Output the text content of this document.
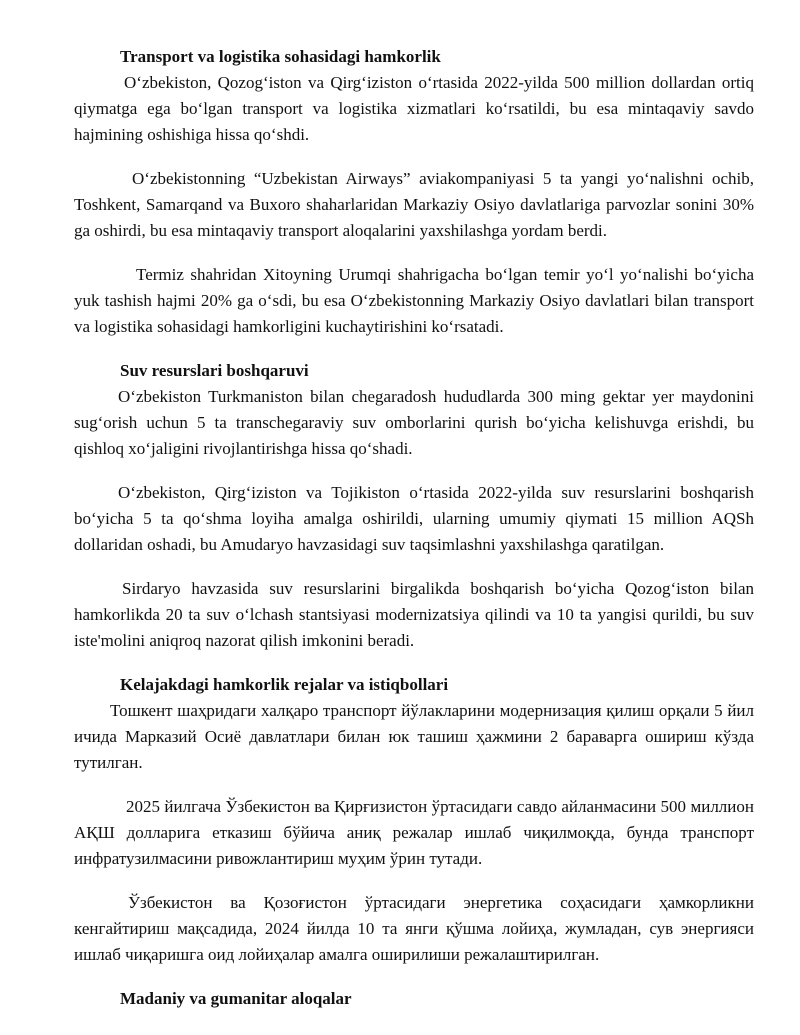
Transport va logistika sohasidagi hamkorlik

O‘zbekiston, Qozog‘iston va Qirg‘iziston o‘rtasida 2022-yilda 500 million dollardan ortiq qiymatga ega bo‘lgan transport va logistika xizmatlari ko‘rsatildi, bu esa mintaqaviy savdo hajmining oshishiga hissa qo‘shdi.

O‘zbekistonning “Uzbekistan Airways” aviakompaniyasi 5 ta yangi yo‘nalishni ochib, Toshkent, Samarqand va Buxoro shaharlaridan Markaziy Osiyo davlatlariga parvozlar sonini 30% ga oshirdi, bu esa mintaqaviy transport aloqalarini yaxshilashga yordam berdi.

Termiz shahridan Xitoyning Urumqi shahrigacha bo‘lgan temir yo‘l yo‘nalishi bo‘yicha yuk tashish hajmi 20% ga o‘sdi, bu esa O‘zbekistonning Markaziy Osiyo davlatlari bilan transport va logistika sohasidagi hamkorligini kuchaytirishini ko‘rsatadi.

Suv resurslari boshqaruvi

O‘zbekiston Turkmaniston bilan chegaradosh hududlarda 300 ming gektar yer maydonini sug‘orish uchun 5 ta transchegaraviy suv omborlarini qurish bo‘yicha kelishuvga erishdi, bu qishloq xo‘jaligini rivojlantirishga hissa qo‘shadi.

O‘zbekiston, Qirg‘iziston va Tojikiston o‘rtasida 2022-yilda suv resurslarini boshqarish bo‘yicha 5 ta qo‘shma loyiha amalga oshirildi, ularning umumiy qiymati 15 million AQSh dollaridan oshadi, bu Amudaryo havzasidagi suv taqsimlashni yaxshilashga qaratilgan.

Sirdaryo havzasida suv resurslarini birgalikda boshqarish bo‘yicha Qozog‘iston bilan hamkorlikda 20 ta suv o‘lchash stantsiyasi modernizatsiya qilindi va 10 ta yangisi qurildi, bu suv iste'molini aniqroq nazorat qilish imkonini beradi.

Kelajakdagi hamkorlik rejalar va istiqbollari

Тошкент шаҳридаги халқаро транспорт йўлакларини модернизация қилиш орқали 5 йил ичида Марказий Осиё давлатлари билан юк ташиш ҳажмини 2 бараварга ошириш кўзда тутилган.

2025 йилгача Ўзбекистон ва Қирғизистон ўртасидаги савдо айланмасини 500 миллион АҚШ долларига етказиш бўйича аниқ режалар ишлаб чиқилмоқда, бунда транспорт инфратузилмасини ривожлантириш муҳим ўрин тутади.

Ўзбекистон ва Қозоғистон ўртасидаги энергетика соҳасидаги ҳамкорликни кенгайтириш мақсадида, 2024 йилда 10 та янги қўшма лойиҳа, жумладан, сув энергияси ишлаб чиқаришга оид лойиҳалар амалга оширилиши режалаштирилган.

Madaniy va gumanitar aloqalar
